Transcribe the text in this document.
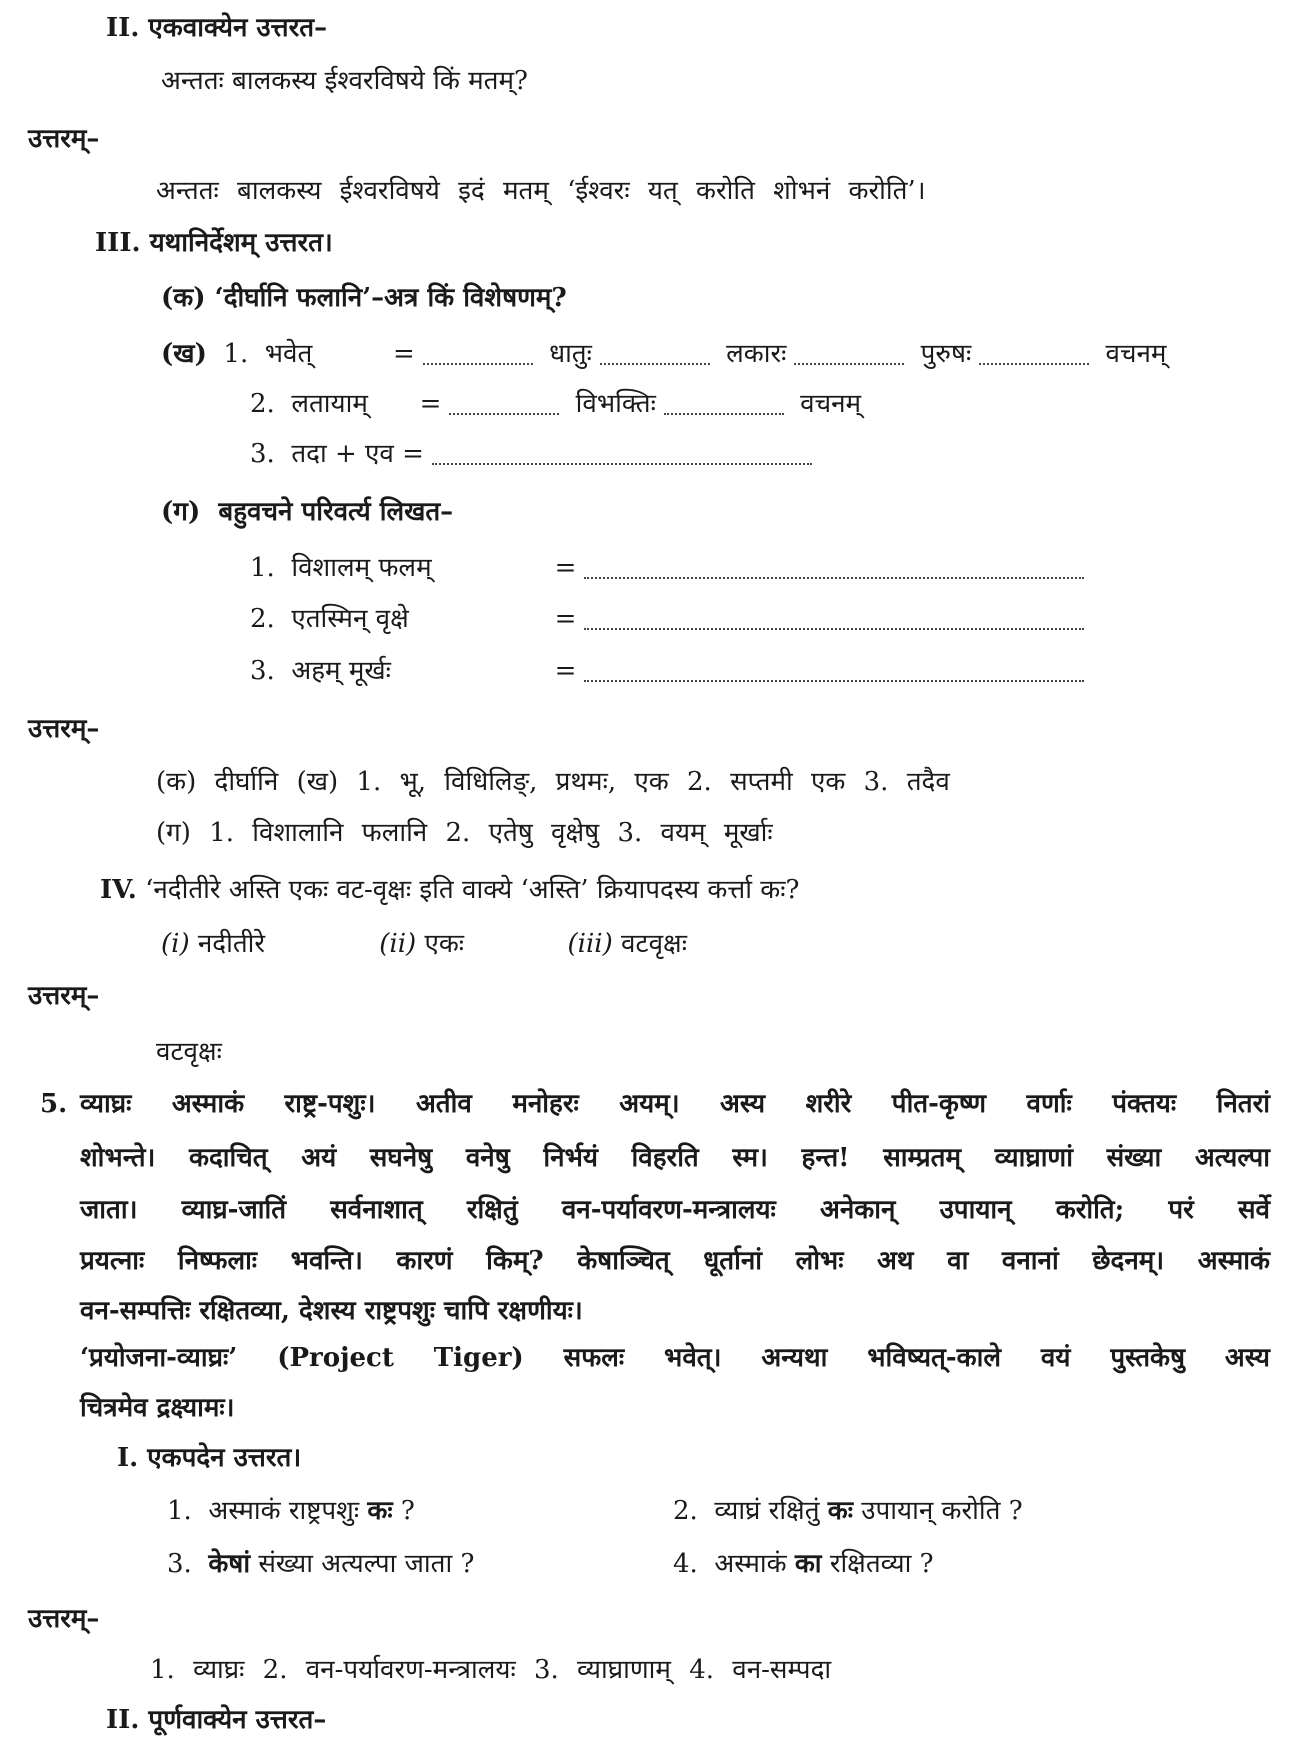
II. एकवाक्येन उत्तरत–
अन्ततः बालकस्य ईश्वरविषये किं मतम्?
उत्तरम्–
अन्ततः बालकस्य ईश्वरविषये इदं मतम् ‘ईश्वरः यत् करोति शोभनं करोति’।
III. यथानिर्देशम् उत्तरत।
(क) ‘दीर्घानि फलानि’–अत्र किं विशेषणम्?
(ख) 1. भवेत्	=	धातुः	लकारः	पुरुषः	वचनम्
2. लतायाम् =	विभक्तिः	वचनम्
3. तदा + एव =
(ग) बहुवचने परिवर्त्य लिखत–
1. विशालम् फलम्	=
2. एतस्मिन् वृक्षे	=
3. अहम् मूर्खः	=
उत्तरम्–
(क) दीर्घानि (ख) 1. भू, विधिलिङ्, प्रथमः, एक 2. सप्तमी एक 3. तदैव
(ग) 1. विशालानि फलानि 2. एतेषु वृक्षेषु 3. वयम् मूर्खाः
IV. ‘नदीतीरे अस्ति एकः वट-वृक्षः इति वाक्ये ‘अस्ति’ क्रियापदस्य कर्त्ता कः?
(i) नदीतीरे	(ii) एकः	(iii) वटवृक्षः
उत्तरम्–
वटवृक्षः
5. व्याघ्रः अस्माकं राष्ट्र-पशुः। अतीव मनोहरः अयम्। अस्य शरीरे पीत-कृष्ण वर्णाः पंक्तयः नितरां
शोभन्ते। कदाचित् अयं सघनेषु वनेषु निर्भयं विहरति स्म। हन्त! साम्प्रतम् व्याघ्राणां संख्या अत्यल्पा
जाता। व्याघ्र-जातिं सर्वनाशात् रक्षितुं वन-पर्यावरण-मन्त्रालयः अनेकान् उपायान् करोति; परं सर्वे
प्रयत्नाः निष्फलाः भवन्ति। कारणं किम्? केषाञ्चित् धूर्तानां लोभः अथ वा वनानां छेदनम्। अस्माकं
वन-सम्पत्तिः रक्षितव्या, देशस्य राष्ट्रपशुः चापि रक्षणीयः।
‘प्रयोजना-व्याघ्रः’ (Project Tiger) सफलः भवेत्। अन्यथा भविष्यत्-काले वयं पुस्तकेषु अस्य
चित्रमेव द्रक्ष्यामः।
I. एकपदेन उत्तरत।
1. अस्माकं राष्ट्रपशुः कः ?	2. व्याघ्रं रक्षितुं कः उपायान् करोति ?
3. केषां संख्या अत्यल्पा जाता ?	4. अस्माकं का रक्षितव्या ?
उत्तरम्–
1. व्याघ्रः 2. वन-पर्यावरण-मन्त्रालयः 3. व्याघ्राणाम् 4. वन-सम्पदा
II. पूर्णवाक्येन उत्तरत–
